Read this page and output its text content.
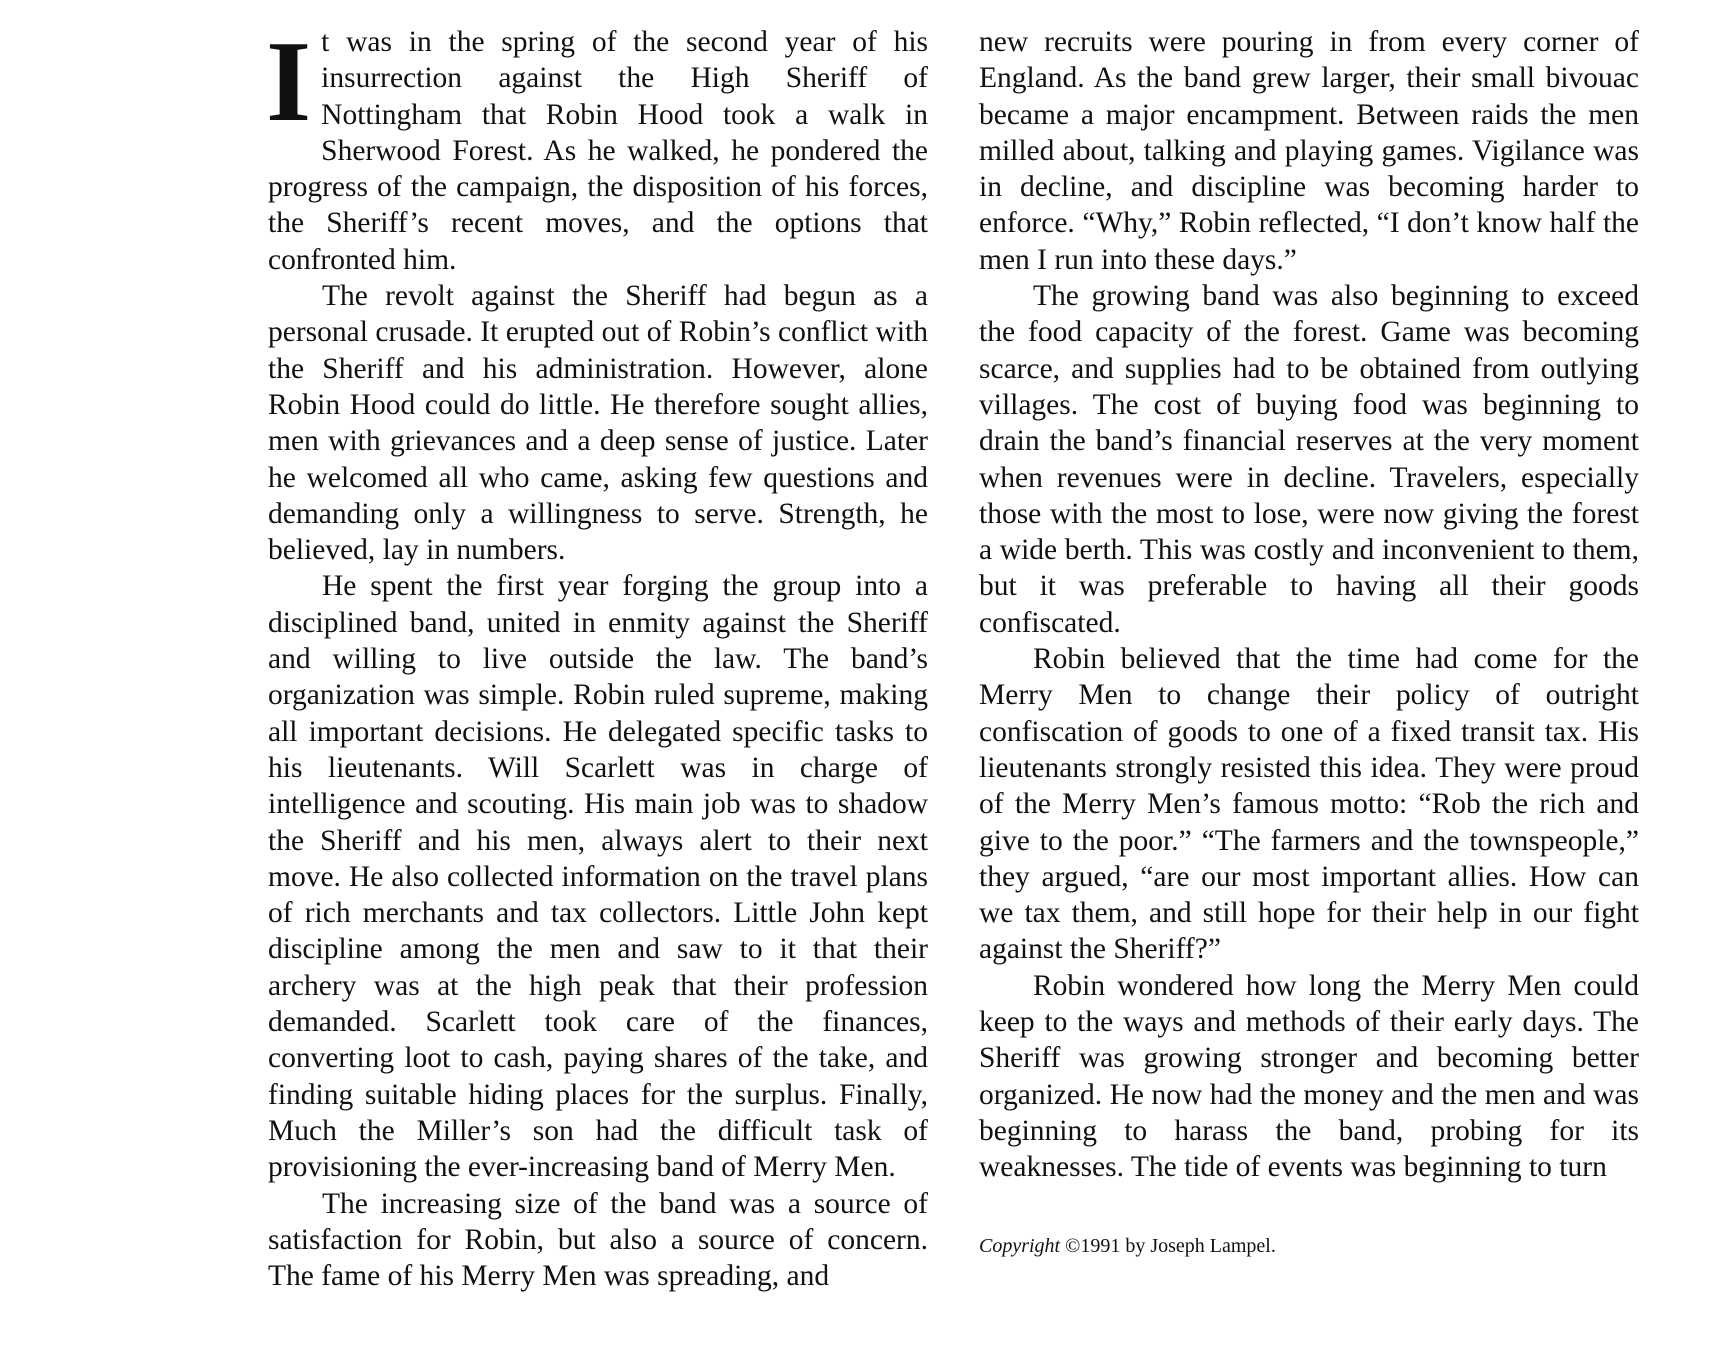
It was in the spring of the second year of his insurrection against the High Sheriff of Nottingham that Robin Hood took a walk in Sherwood Forest. As he walked, he pondered the progress of the campaign, the disposition of his forces, the Sheriff’s recent moves, and the options that confronted him.

The revolt against the Sheriff had begun as a personal crusade. It erupted out of Robin’s conflict with the Sheriff and his administration. However, alone Robin Hood could do little. He therefore sought allies, men with grievances and a deep sense of justice. Later he welcomed all who came, asking few questions and demanding only a willingness to serve. Strength, he believed, lay in numbers.

He spent the first year forging the group into a disciplined band, united in enmity against the Sheriff and willing to live outside the law. The band’s organization was simple. Robin ruled supreme, making all important decisions. He delegated specific tasks to his lieutenants. Will Scarlett was in charge of intelligence and scouting. His main job was to shadow the Sheriff and his men, always alert to their next move. He also collected information on the travel plans of rich merchants and tax collectors. Little John kept discipline among the men and saw to it that their archery was at the high peak that their profession demanded. Scarlett took care of the finances, converting loot to cash, paying shares of the take, and finding suitable hiding places for the surplus. Finally, Much the Miller’s son had the difficult task of provisioning the ever-increasing band of Merry Men.

The increasing size of the band was a source of satisfaction for Robin, but also a source of concern. The fame of his Merry Men was spreading, and

new recruits were pouring in from every corner of England. As the band grew larger, their small bivouac became a major encampment. Between raids the men milled about, talking and playing games. Vigilance was in decline, and discipline was becoming harder to enforce. “Why,” Robin reflected, “I don’t know half the men I run into these days.”

The growing band was also beginning to exceed the food capacity of the forest. Game was becoming scarce, and supplies had to be obtained from outlying villages. The cost of buying food was beginning to drain the band’s financial reserves at the very moment when revenues were in decline. Travelers, especially those with the most to lose, were now giving the forest a wide berth. This was costly and inconvenient to them, but it was preferable to having all their goods confiscated.

Robin believed that the time had come for the Merry Men to change their policy of outright confiscation of goods to one of a fixed transit tax. His lieutenants strongly resisted this idea. They were proud of the Merry Men’s famous motto: “Rob the rich and give to the poor.” “The farmers and the townspeople,” they argued, “are our most important allies. How can we tax them, and still hope for their help in our fight against the Sheriff?”

Robin wondered how long the Merry Men could keep to the ways and methods of their early days. The Sheriff was growing stronger and becoming better organized. He now had the money and the men and was beginning to harass the band, probing for its weaknesses. The tide of events was beginning to turn

Copyright ©1991 by Joseph Lampel.
